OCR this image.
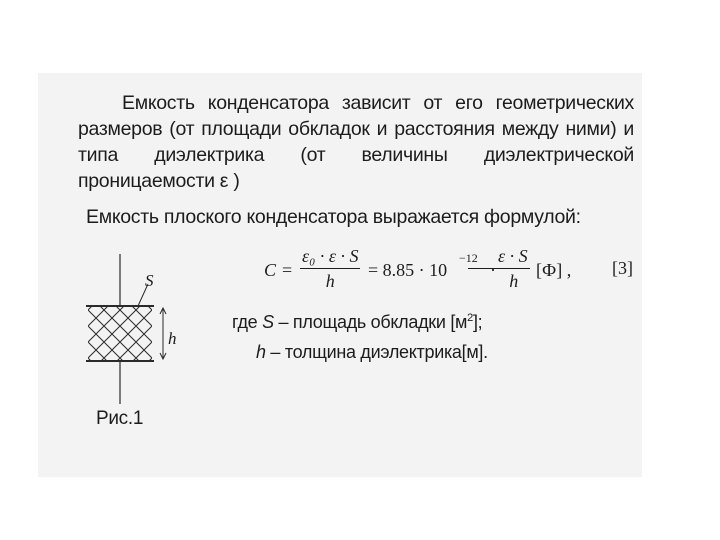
Емкость конденсатора зависит от его геометрических размеров (от площади обкладок и расстояния между ними) и типа диэлектрика (от величины диэлектрической проницаемости ε )
Емкость плоского конденсатора выражается формулой:
$C = \frac{\text{ε₀ · ε · S}}{h} = 8.85 \cdot 10$
−12
·
$\frac{\varepsilon \cdot S}{h} [Ф]$ , [3]
где S – площадь обкладки $[м^2]$;
h – толщина диэлектрика[м].
S
h
Рис.1
